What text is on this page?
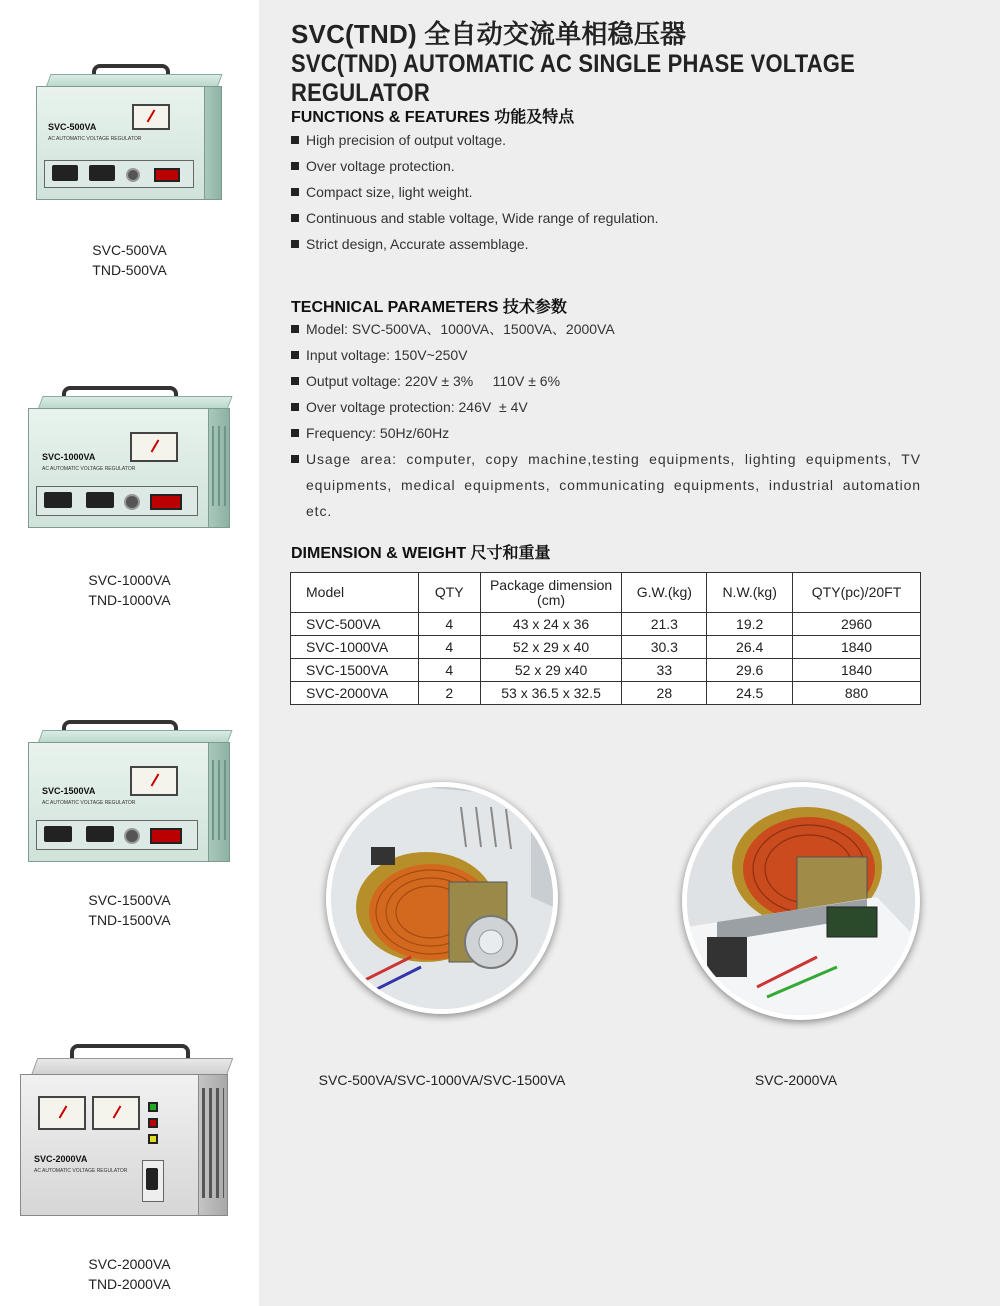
SVC-500VA
AC AUTOMATIC VOLTAGE REGULATOR
SVC-500VA
TND-500VA
SVC-1000VA
AC AUTOMATIC VOLTAGE REGULATOR
SVC-1000VA
TND-1000VA
SVC-1500VA
AC AUTOMATIC VOLTAGE REGULATOR
SVC-1500VA
TND-1500VA
SVC-2000VA
AC AUTOMATIC VOLTAGE REGULATOR
SVC-2000VA
TND-2000VA
SVC(TND) 全自动交流单相稳压器
SVC(TND) AUTOMATIC AC SINGLE PHASE VOLTAGE REGULATOR
FUNCTIONS & FEATURES 功能及特点
High precision of output voltage.
Over voltage protection.
Compact size, light weight.
Continuous and stable voltage, Wide range of regulation.
Strict design, Accurate assemblage.
TECHNICAL PARAMETERS 技术参数
Model: SVC-500VA、1000VA、1500VA、2000VA
Input voltage: 150V~250V
Output voltage: 220V ± 3%     110V ± 6%
Over voltage protection: 246V  ± 4V
Frequency: 50Hz/60Hz
Usage area: computer, copy machine,testing equipments, lighting equipments, TV equipments, medical equipments, communicating equipments, industrial automation etc.
DIMENSION & WEIGHT 尺寸和重量
Model	QTY	Package dimension (cm)	G.W.(kg)	N.W.(kg)	QTY(pc)/20FT
SVC-500VA	4	43 x 24 x 36	21.3	19.2	2960
SVC-1000VA	4	52 x 29 x 40	30.3	26.4	1840
SVC-1500VA	4	52 x 29 x40	33	29.6	1840
SVC-2000VA	2	53 x 36.5 x 32.5	28	24.5	880
SVC-500VA/SVC-1000VA/SVC-1500VA	SVC-2000VA
